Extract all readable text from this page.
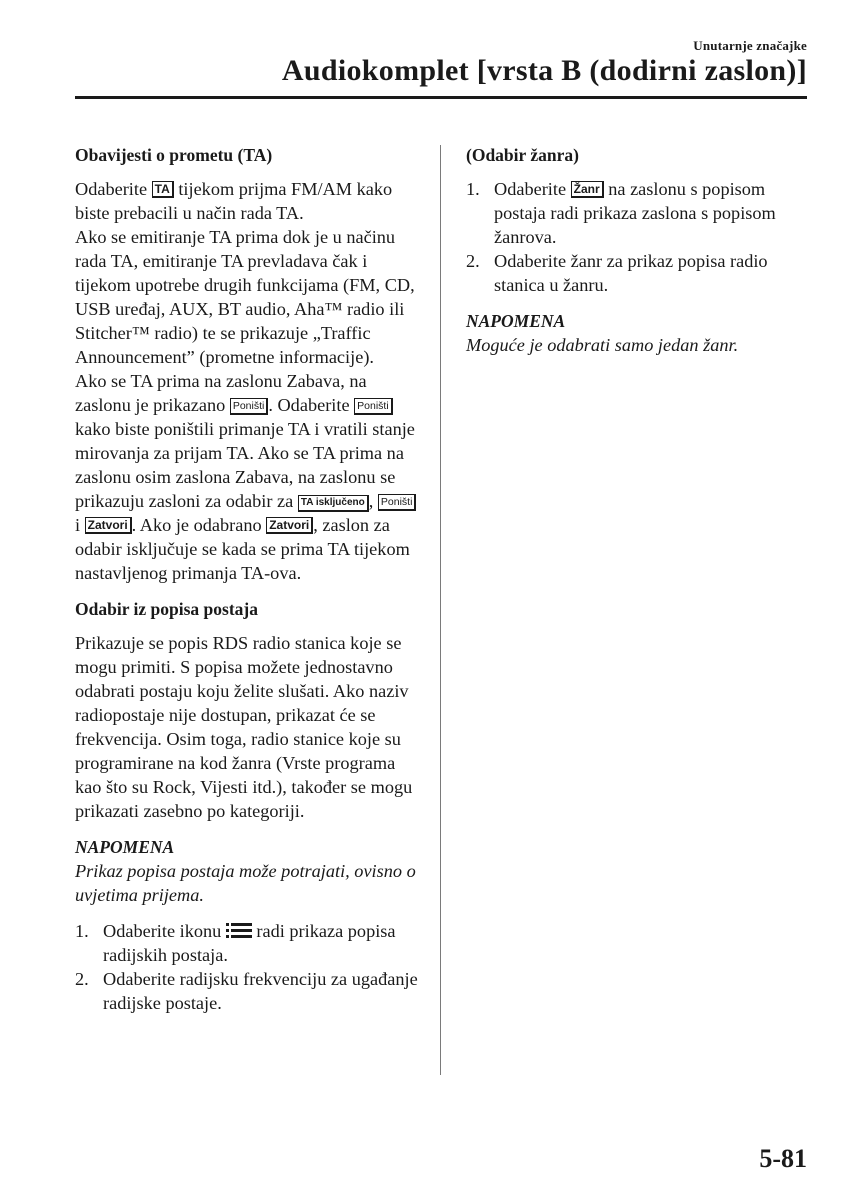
Unutarnje značajke
Audiokomplet [vrsta B (dodirni zaslon)]

Obavijesti o prometu (TA)

Odaberite TA tijekom prijma FM/AM kako biste prebacili u način rada TA.

Ako se emitiranje TA prima dok je u načinu rada TA, emitiranje TA prevladava čak i tijekom upotrebe drugih funkcijama (FM, CD, USB uređaj, AUX, BT audio, Aha™ radio ili Stitcher™ radio) te se prikazuje „Traffic Announcement” (prometne informacije).

Ako se TA prima na zaslonu Zabava, na zaslonu je prikazano Poništi . Odaberite Poništi kako biste poništili primanje TA i vratili stanje mirovanja za prijam TA. Ako se TA prima na zaslonu osim zaslona Zabava, na zaslonu se prikazuju zasloni za odabir za TA isključeno , Poništi i Zatvori . Ako je odabrano Zatvori , zaslon za odabir isključuje se kada se prima TA tijekom nastavljenog primanja TA-ova.

Odabir iz popisa postaja

Prikazuje se popis RDS radio stanica koje se mogu primiti. S popisa možete jednostavno odabrati postaju koju želite slušati. Ako naziv radiopostaje nije dostupan, prikazat će se frekvencija. Osim toga, radio stanice koje su programirane na kod žanra (Vrste programa kao što su Rock, Vijesti itd.), također se mogu prikazati zasebno po kategoriji.

NAPOMENA

Prikaz popisa postaja može potrajati, ovisno o uvjetima prijema.

1. Odaberite ikonu  radi prikaza popisa radijskih postaja.
2. Odaberite radijsku frekvenciju za ugađanje radijske postaje.

(Odabir žanra)

1. Odaberite Žanr na zaslonu s popisom postaja radi prikaza zaslona s popisom žanrova.
2. Odaberite žanr za prikaz popisa radio stanica u žanru.

NAPOMENA

Moguće je odabrati samo jedan žanr.

5-81
